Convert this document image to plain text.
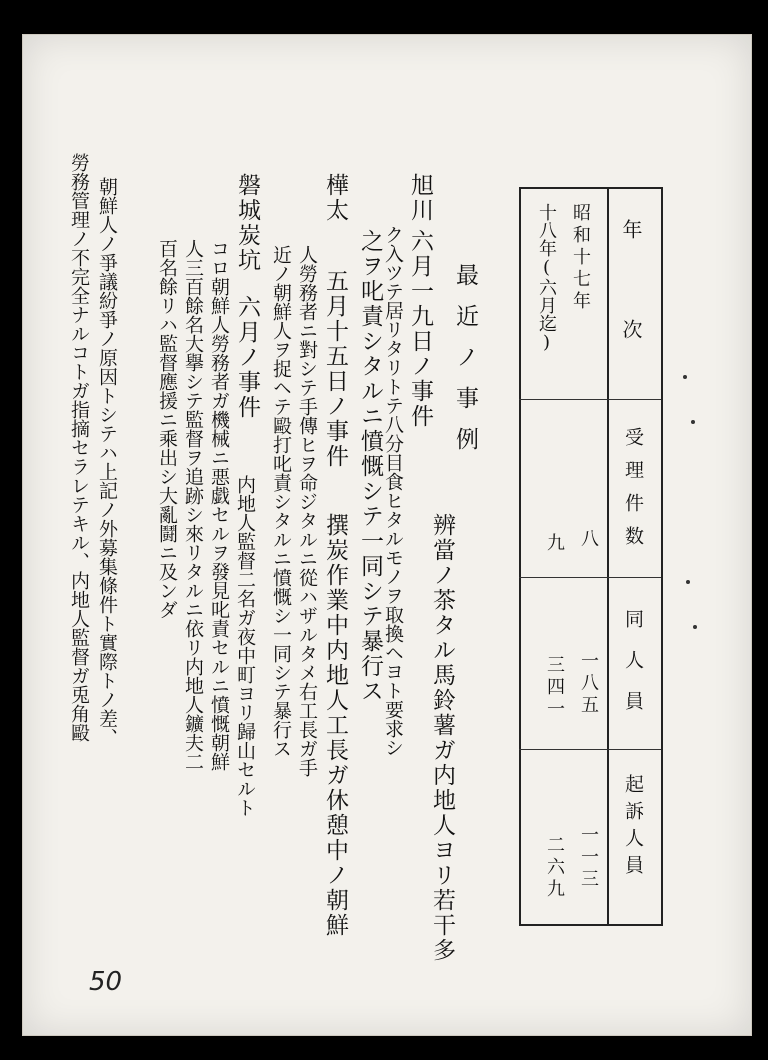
年次
受理件数
同人員
起訴人員
昭和十七年
十八年(六月迄)
八
九
一八五
三四一
一一三
二六九
最近ノ事例
旭川
六月一九日ノ事件
辨當ノ茶タル馬鈴薯ガ内地人ヨリ若干多
ク入ツテ居リタリトテ八分目食ヒタルモノヲ取換ヘヨト要求シ
之ヲ叱責シタルニ憤慨シテ一同シテ暴行ス
樺太
五月十五日ノ事件
撰炭作業中内地人工長ガ休憩中ノ朝鮮
人勞務者ニ對シテ手傳ヒヲ命ジタルニ從ハザルタメ右工長ガ手
近ノ朝鮮人ヲ捉ヘテ毆打叱責シタルニ憤慨シ一同シテ暴行ス
磐城炭坑
六月ノ事件
内地人監督二名ガ夜中町ヨリ歸山セルト
コロ朝鮮人勞務者ガ機械ニ悪戯セルヲ發見叱責セルニ憤慨朝鮮
人三百餘名大擧シテ監督ヲ追跡シ來リタルニ依リ内地人鑛夫二
百名餘リハ監督應援ニ乘出シ大亂鬪ニ及ンダ
朝鮮人ノ爭議紛爭ノ原因トシテハ上記ノ外募集條件ト實際トノ差、
勞務管理ノ不完全ナルコトガ指摘セラレテキル、内地人監督ガ兎角毆
50
